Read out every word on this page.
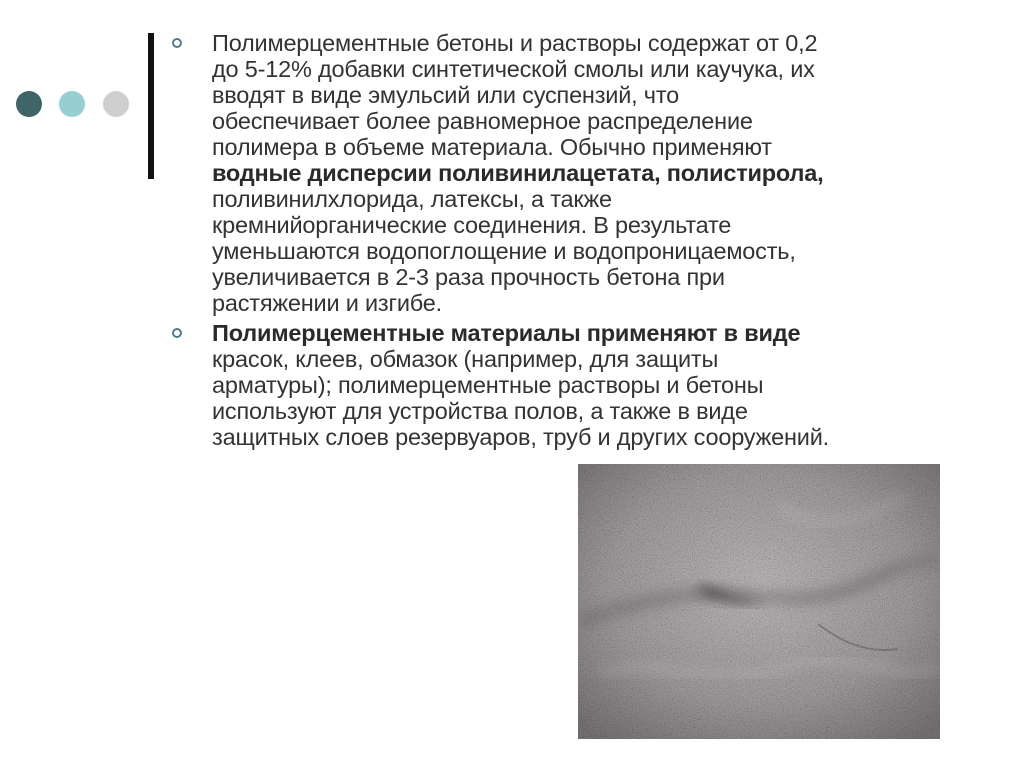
Полимерцементные бетоны и растворы содержат от 0,2
до 5-12% добавки синтетической смолы или каучука, их
вводят в виде эмульсий или суспензий, что
обеспечивает более равномерное распределение
полимера в объеме материала. Обычно применяют
водные дисперсии поливинилацетата, полистирола,
поливинилхлорида, латексы, а также
кремнийорганические соединения. В результате
уменьшаются водопоглощение и водопроницаемость,
увеличивается в 2-3 раза прочность бетона при
растяжении и изгибе.

Полимерцементные материалы применяют в виде
красок, клеев, обмазок (например, для защиты
арматуры); полимерцементные растворы и бетоны
используют для устройства полов, а также в виде
защитных слоев резервуаров, труб и других сооружений.
